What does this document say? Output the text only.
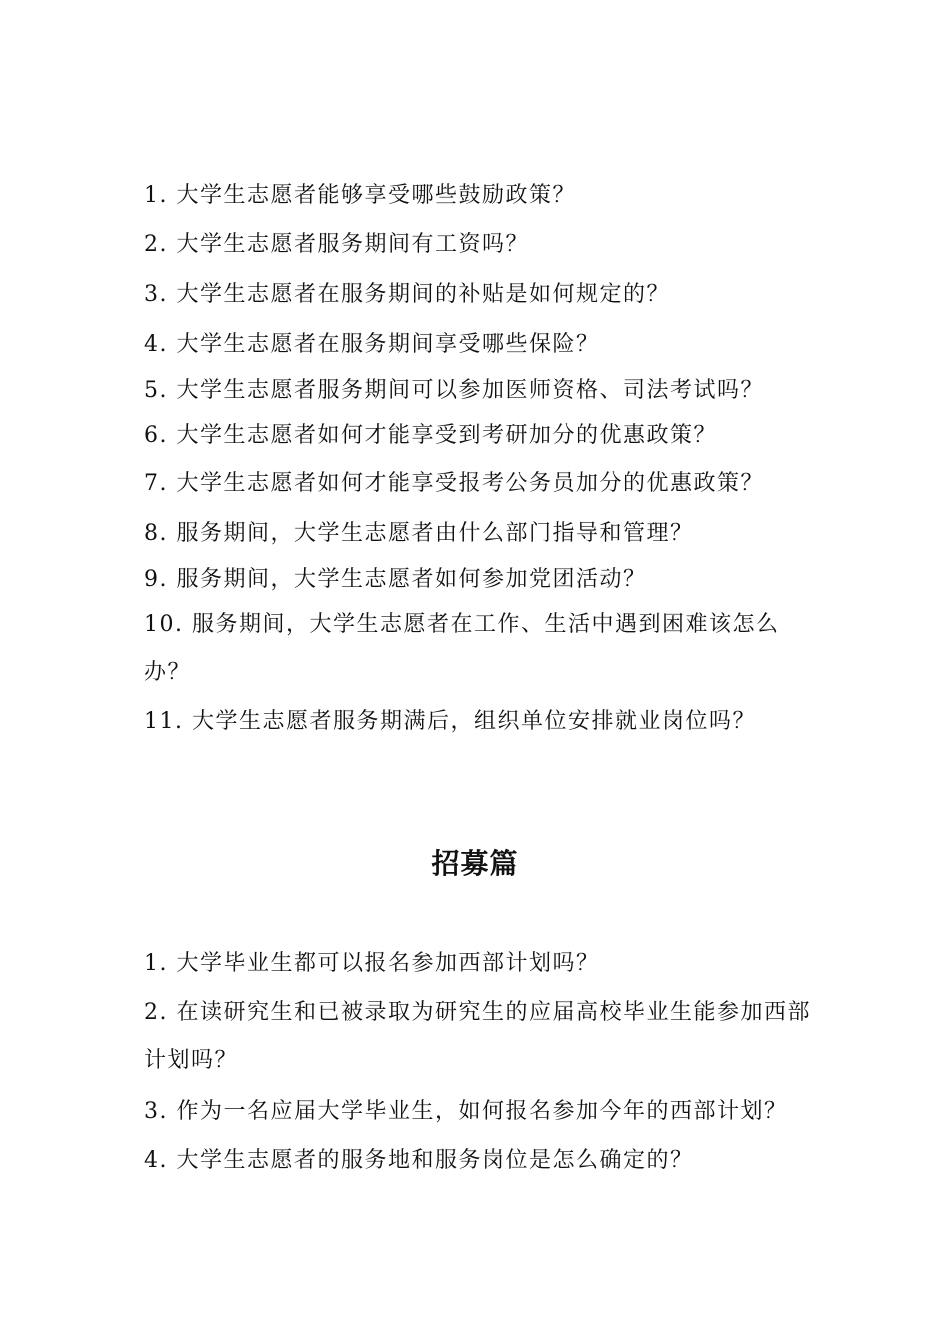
1. 大学生志愿者能够享受哪些鼓励政策？

2. 大学生志愿者服务期间有工资吗？

3. 大学生志愿者在服务期间的补贴是如何规定的？

4. 大学生志愿者在服务期间享受哪些保险？

5. 大学生志愿者服务期间可以参加医师资格、司法考试吗？

6. 大学生志愿者如何才能享受到考研加分的优惠政策？

7. 大学生志愿者如何才能享受报考公务员加分的优惠政策？

8. 服务期间，大学生志愿者由什么部门指导和管理？

9. 服务期间，大学生志愿者如何参加党团活动？

10. 服务期间，大学生志愿者在工作、生活中遇到困难该怎么办？

11. 大学生志愿者服务期满后，组织单位安排就业岗位吗？

招募篇

1. 大学毕业生都可以报名参加西部计划吗？

2. 在读研究生和已被录取为研究生的应届高校毕业生能参加西部计划吗？

3. 作为一名应届大学毕业生，如何报名参加今年的西部计划？

4. 大学生志愿者的服务地和服务岗位是怎么确定的？
